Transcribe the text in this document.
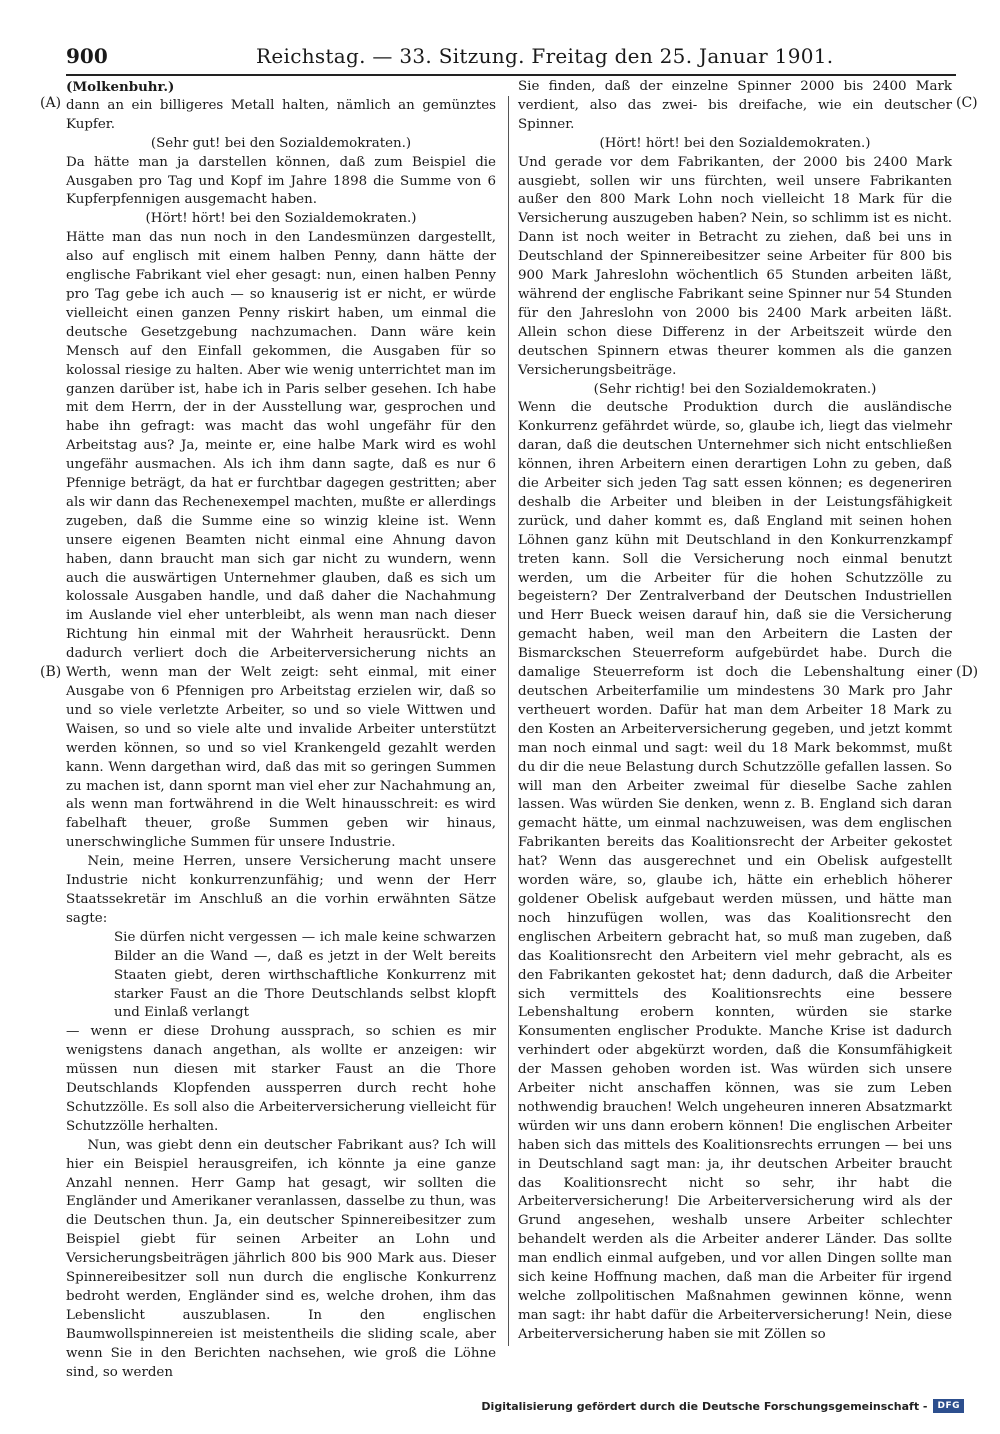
900	Reichstag. — 33. Sitzung. Freitag den 25. Januar 1901.
(A)
(B)
(C)
(D)

(Molkenbuhr.)

dann an ein billigeres Metall halten, nämlich an gemünztes Kupfer.

(Sehr gut! bei den Sozialdemokraten.)

Da hätte man ja darstellen können, daß zum Beispiel die Ausgaben pro Tag und Kopf im Jahre 1898 die Summe von 6 Kupferpfennigen ausgemacht haben.

(Hört! hört! bei den Sozialdemokraten.)

Hätte man das nun noch in den Landesmünzen dargestellt, also auf englisch mit einem halben Penny, dann hätte der englische Fabrikant viel eher gesagt: nun, einen halben Penny pro Tag gebe ich auch — so knauserig ist er nicht, er würde vielleicht einen ganzen Penny riskirt haben, um einmal die deutsche Gesetzgebung nachzumachen. Dann wäre kein Mensch auf den Einfall gekommen, die Ausgaben für so kolossal riesige zu halten. Aber wie wenig unterrichtet man im ganzen darüber ist, habe ich in Paris selber gesehen. Ich habe mit dem Herrn, der in der Ausstellung war, gesprochen und habe ihn gefragt: was macht das wohl ungefähr für den Arbeitstag aus? Ja, meinte er, eine halbe Mark wird es wohl ungefähr ausmachen. Als ich ihm dann sagte, daß es nur 6 Pfennige beträgt, da hat er furchtbar dagegen gestritten; aber als wir dann das Rechenexempel machten, mußte er allerdings zugeben, daß die Summe eine so winzig kleine ist. Wenn unsere eigenen Beamten nicht einmal eine Ahnung davon haben, dann braucht man sich gar nicht zu wundern, wenn auch die auswärtigen Unternehmer glauben, daß es sich um kolossale Ausgaben handle, und daß daher die Nachahmung im Auslande viel eher unterbleibt, als wenn man nach dieser Richtung hin einmal mit der Wahrheit herausrückt. Denn dadurch verliert doch die Arbeiterversicherung nichts an Werth, wenn man der Welt zeigt: seht einmal, mit einer Ausgabe von 6 Pfennigen pro Arbeitstag erzielen wir, daß so und so viele verletzte Arbeiter, so und so viele Wittwen und Waisen, so und so viele alte und invalide Arbeiter unterstützt werden können, so und so viel Krankengeld gezahlt werden kann. Wenn dargethan wird, daß das mit so geringen Summen zu machen ist, dann spornt man viel eher zur Nachahmung an, als wenn man fortwährend in die Welt hinausschreit: es wird fabelhaft theuer, große Summen geben wir hinaus, unerschwingliche Summen für unsere Industrie.

Nein, meine Herren, unsere Versicherung macht unsere Industrie nicht konkurrenzunfähig; und wenn der Herr Staatssekretär im Anschluß an die vorhin erwähnten Sätze sagte:

Sie dürfen nicht vergessen — ich male keine schwarzen Bilder an die Wand —, daß es jetzt in der Welt bereits Staaten giebt, deren wirthschaftliche Konkurrenz mit starker Faust an die Thore Deutschlands selbst klopft und Einlaß verlangt

— wenn er diese Drohung aussprach, so schien es mir wenigstens danach angethan, als wollte er anzeigen: wir müssen nun diesen mit starker Faust an die Thore Deutschlands Klopfenden aussperren durch recht hohe Schutzzölle. Es soll also die Arbeiterversicherung vielleicht für Schutzzölle herhalten.

Nun, was giebt denn ein deutscher Fabrikant aus? Ich will hier ein Beispiel herausgreifen, ich könnte ja eine ganze Anzahl nennen. Herr Gamp hat gesagt, wir sollten die Engländer und Amerikaner veranlassen, dasselbe zu thun, was die Deutschen thun. Ja, ein deutscher Spinnereibesitzer zum Beispiel giebt für seinen Arbeiter an Lohn und Versicherungsbeiträgen jährlich 800 bis 900 Mark aus. Dieser Spinnereibesitzer soll nun durch die englische Konkurrenz bedroht werden, Engländer sind es, welche drohen, ihm das Lebenslicht auszublasen. In den englischen Baumwollspinnereien ist meistentheils die sliding scale, aber wenn Sie in den Berichten nachsehen, wie groß die Löhne sind, so werden

Sie finden, daß der einzelne Spinner 2000 bis 2400 Mark verdient, also das zwei- bis dreifache, wie ein deutscher Spinner.

(Hört! hört! bei den Sozialdemokraten.)

Und gerade vor dem Fabrikanten, der 2000 bis 2400 Mark ausgiebt, sollen wir uns fürchten, weil unsere Fabrikanten außer den 800 Mark Lohn noch vielleicht 18 Mark für die Versicherung auszugeben haben? Nein, so schlimm ist es nicht. Dann ist noch weiter in Betracht zu ziehen, daß bei uns in Deutschland der Spinnereibesitzer seine Arbeiter für 800 bis 900 Mark Jahreslohn wöchentlich 65 Stunden arbeiten läßt, während der englische Fabrikant seine Spinner nur 54 Stunden für den Jahreslohn von 2000 bis 2400 Mark arbeiten läßt. Allein schon diese Differenz in der Arbeitszeit würde den deutschen Spinnern etwas theurer kommen als die ganzen Versicherungsbeiträge.

(Sehr richtig! bei den Sozialdemokraten.)

Wenn die deutsche Produktion durch die ausländische Konkurrenz gefährdet würde, so, glaube ich, liegt das vielmehr daran, daß die deutschen Unternehmer sich nicht entschließen können, ihren Arbeitern einen derartigen Lohn zu geben, daß die Arbeiter sich jeden Tag satt essen können; es degeneriren deshalb die Arbeiter und bleiben in der Leistungsfähigkeit zurück, und daher kommt es, daß England mit seinen hohen Löhnen ganz kühn mit Deutschland in den Konkurrenzkampf treten kann. Soll die Versicherung noch einmal benutzt werden, um die Arbeiter für die hohen Schutzzölle zu begeistern? Der Zentralverband der Deutschen Industriellen und Herr Bueck weisen darauf hin, daß sie die Versicherung gemacht haben, weil man den Arbeitern die Lasten der Bismarckschen Steuerreform aufgebürdet habe. Durch die damalige Steuerreform ist doch die Lebenshaltung einer deutschen Arbeiterfamilie um mindestens 30 Mark pro Jahr vertheuert worden. Dafür hat man dem Arbeiter 18 Mark zu den Kosten an Arbeiterversicherung gegeben, und jetzt kommt man noch einmal und sagt: weil du 18 Mark bekommst, mußt du dir die neue Belastung durch Schutzzölle gefallen lassen. So will man den Arbeiter zweimal für dieselbe Sache zahlen lassen. Was würden Sie denken, wenn z. B. England sich daran gemacht hätte, um einmal nachzuweisen, was dem englischen Fabrikanten bereits das Koalitionsrecht der Arbeiter gekostet hat? Wenn das ausgerechnet und ein Obelisk aufgestellt worden wäre, so, glaube ich, hätte ein erheblich höherer goldener Obelisk aufgebaut werden müssen, und hätte man noch hinzufügen wollen, was das Koalitionsrecht den englischen Arbeitern gebracht hat, so muß man zugeben, daß das Koalitionsrecht den Arbeitern viel mehr gebracht, als es den Fabrikanten gekostet hat; denn dadurch, daß die Arbeiter sich vermittels des Koalitionsrechts eine bessere Lebenshaltung erobern konnten, würden sie starke Konsumenten englischer Produkte. Manche Krise ist dadurch verhindert oder abgekürzt worden, daß die Konsumfähigkeit der Massen gehoben worden ist. Was würden sich unsere Arbeiter nicht anschaffen können, was sie zum Leben nothwendig brauchen! Welch ungeheuren inneren Absatzmarkt würden wir uns dann erobern können! Die englischen Arbeiter haben sich das mittels des Koalitionsrechts errungen — bei uns in Deutschland sagt man: ja, ihr deutschen Arbeiter braucht das Koalitionsrecht nicht so sehr, ihr habt die Arbeiterversicherung! Die Arbeiterversicherung wird als der Grund angesehen, weshalb unsere Arbeiter schlechter behandelt werden als die Arbeiter anderer Länder. Das sollte man endlich einmal aufgeben, und vor allen Dingen sollte man sich keine Hoffnung machen, daß man die Arbeiter für irgend welche zollpolitischen Maßnahmen gewinnen könne, wenn man sagt: ihr habt dafür die Arbeiterversicherung! Nein, diese Arbeiterversicherung haben sie mit Zöllen so

Digitalisierung gefördert durch die Deutsche Forschungsgemeinschaft -	DFG
